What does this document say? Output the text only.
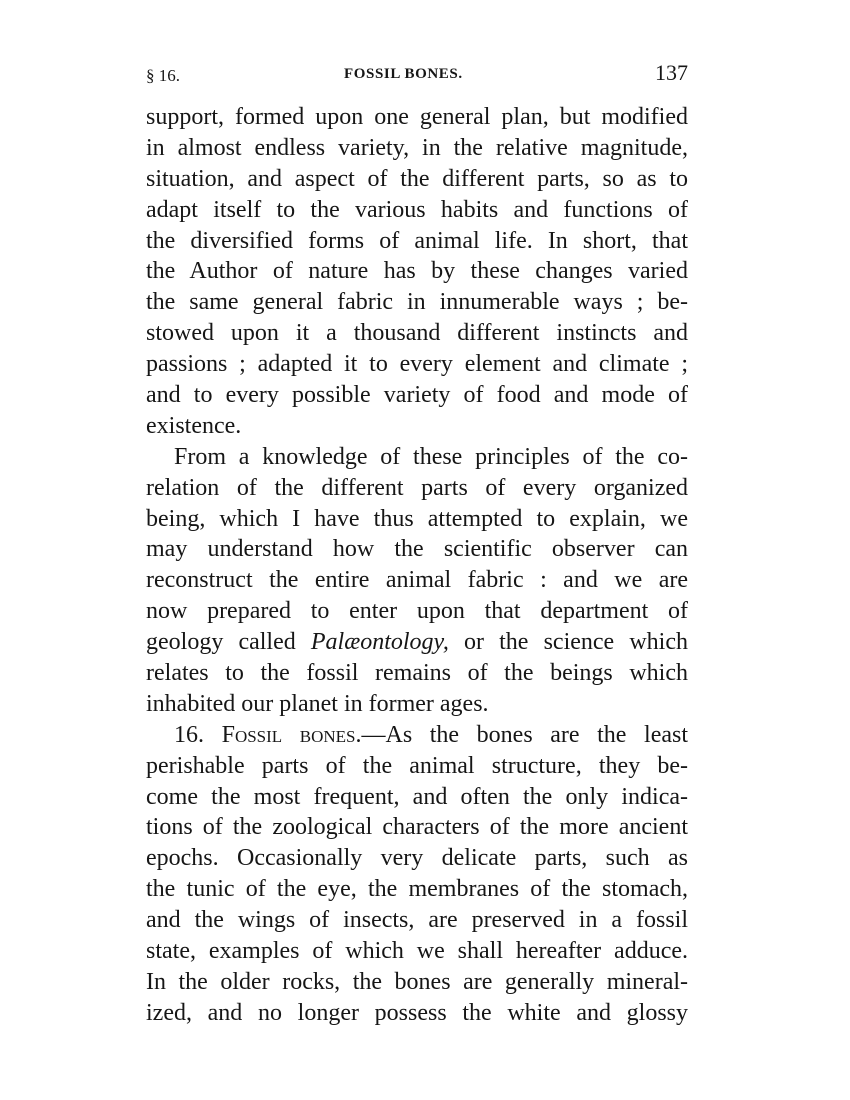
§ 16.	FOSSIL BONES.	137
support, formed upon one general plan, but modified
in almost endless variety, in the relative magnitude,
situation, and aspect of the different parts, so as to
adapt itself to the various habits and functions of
the diversified forms of animal life. In short, that
the Author of nature has by these changes varied
the same general fabric in innumerable ways ; be-
stowed upon it a thousand different instincts and
passions ; adapted it to every element and climate ;
and to every possible variety of food and mode of
existence.
From a knowledge of these principles of the co-
relation of the different parts of every organized
being, which I have thus attempted to explain, we
may understand how the scientific observer can
reconstruct the entire animal fabric : and we are
now prepared to enter upon that department of
geology called Palæontology, or the science which
relates to the fossil remains of the beings which
inhabited our planet in former ages.
16. Fossil bones.—As the bones are the least
perishable parts of the animal structure, they be-
come the most frequent, and often the only indica-
tions of the zoological characters of the more ancient
epochs. Occasionally very delicate parts, such as
the tunic of the eye, the membranes of the stomach,
and the wings of insects, are preserved in a fossil
state, examples of which we shall hereafter adduce.
In the older rocks, the bones are generally mineral-
ized, and no longer possess the white and glossy
